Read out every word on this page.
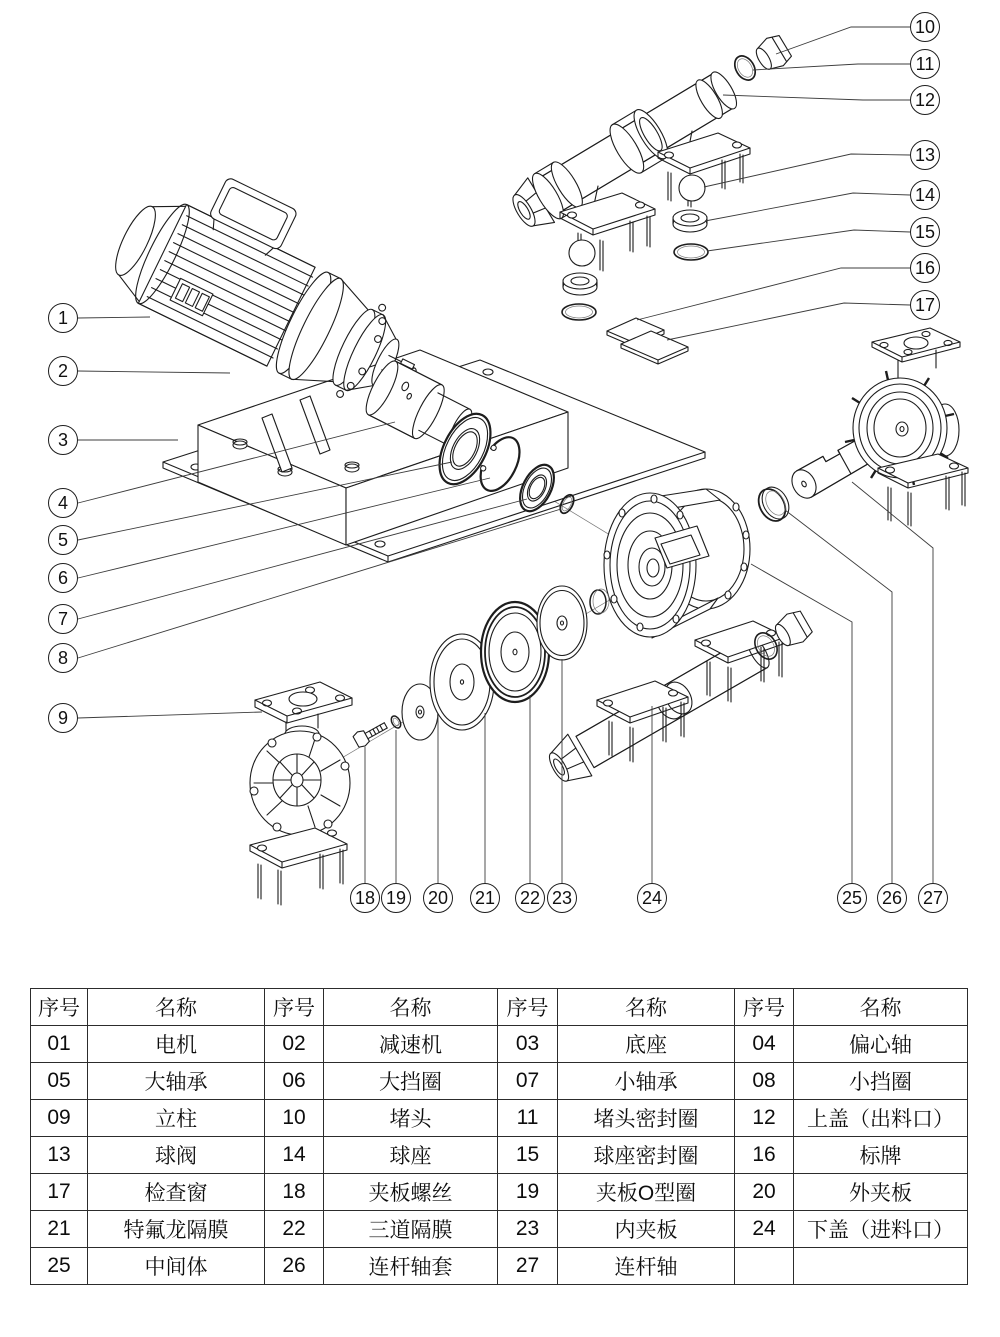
1
2
3
4
5
6
7
8
9
10
11
12
13
14
15
16
17
18 19 20 21 22 23	24	25 26 27
序号	名称	序号	名称	序号	名称	序号	名称
01	电机	02	减速机	03	底座	04	偏心轴
05	大轴承	06	大挡圈	07	小轴承	08	小挡圈
09	立柱	10	堵头	11	堵头密封圈	12	上盖（出料口）
13	球阀	14	球座	15	球座密封圈	16	标牌
17	检查窗	18	夹板螺丝	19	夹板O型圈	20	外夹板
21	特氟龙隔膜	22	三道隔膜	23	内夹板	24	下盖（进料口）
25	中间体	26	连杆轴套	27	连杆轴		
